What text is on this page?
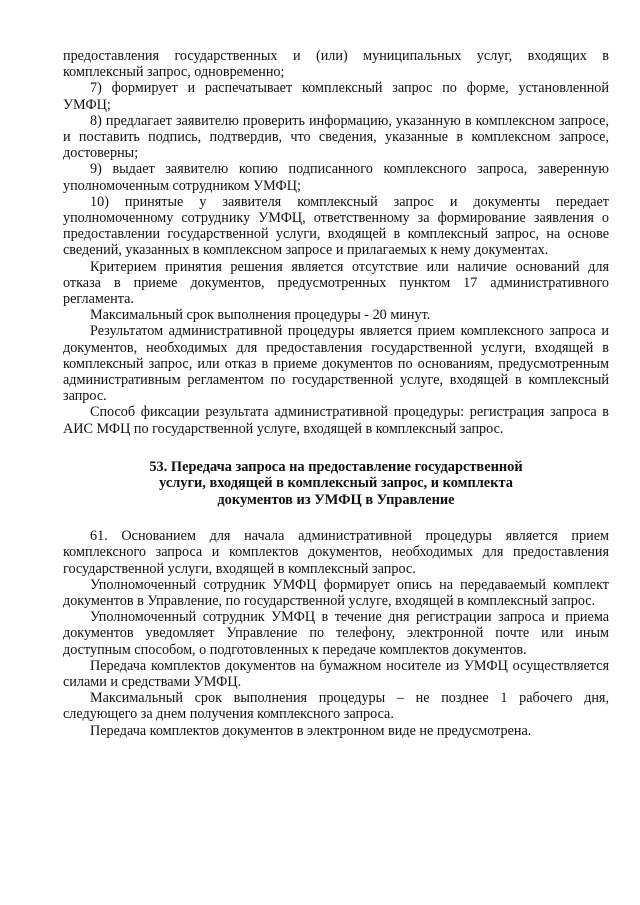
предоставления государственных и (или) муниципальных услуг, входящих в комплексный запрос, одновременно;

7) формирует и распечатывает комплексный запрос по форме, установленной УМФЦ;

8) предлагает заявителю проверить информацию, указанную в комплексном запросе, и поставить подпись, подтвердив, что сведения, указанные в комплексном запросе, достоверны;

9) выдает заявителю копию подписанного комплексного запроса, заверенную уполномоченным сотрудником УМФЦ;

10) принятые у заявителя комплексный запрос и документы передает уполномоченному сотруднику УМФЦ, ответственному за формирование заявления о предоставлении государственной услуги, входящей в комплексный запрос, на основе сведений, указанных в комплексном запросе и прилагаемых к нему документах.

Критерием принятия решения является отсутствие или наличие оснований для отказа в приеме документов, предусмотренных пунктом 17 административного регламента.

Максимальный срок выполнения процедуры - 20 минут.

Результатом административной процедуры является прием комплексного запроса и документов, необходимых для предоставления государственной услуги, входящей в комплексный запрос, или отказ в приеме документов по основаниям, предусмотренным административным регламентом по государственной услуге, входящей в комплексный запрос.

Способ фиксации результата административной процедуры: регистрация запроса в АИС МФЦ по государственной услуге, входящей в комплексный запрос.

53. Передача запроса на предоставление государственной
услуги, входящей в комплексный запрос, и комплекта
документов из УМФЦ в Управление

61. Основанием для начала административной процедуры является прием комплексного запроса и комплектов документов, необходимых для предоставления государственной услуги, входящей в комплексный запрос.

Уполномоченный сотрудник УМФЦ формирует опись на передаваемый комплект документов в Управление, по государственной услуге, входящей в комплексный запрос.

Уполномоченный сотрудник УМФЦ в течение дня регистрации запроса и приема документов уведомляет Управление по телефону, электронной почте или иным доступным способом, о подготовленных к передаче комплектов документов.

Передача комплектов документов на бумажном носителе из УМФЦ осуществляется силами и средствами УМФЦ.

Максимальный срок выполнения процедуры – не позднее 1 рабочего дня, следующего за днем получения комплексного запроса.

Передача комплектов документов в электронном виде не предусмотрена.
